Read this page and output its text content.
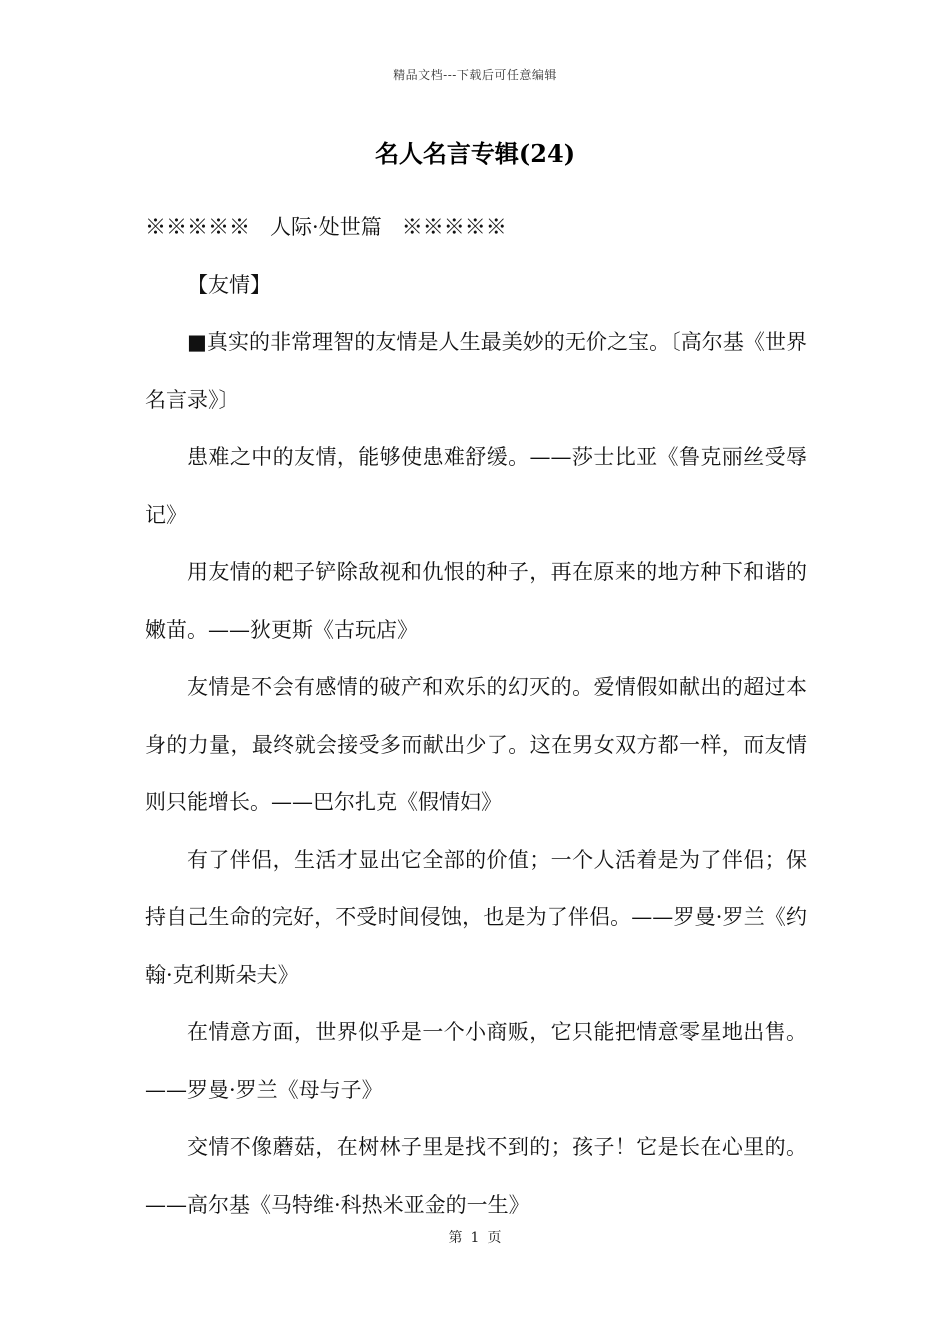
精品文档---下载后可任意编辑
名人名言专辑(24)

※※※※※   人际·处世篇   ※※※※※

【友情】

■真实的非常理智的友情是人生最美妙的无价之宝。〔高尔基《世界名言录》〕

患难之中的友情，能够使患难舒缓。——莎士比亚《鲁克丽丝受辱记》

用友情的耙子铲除敌视和仇恨的种子，再在原来的地方种下和谐的嫩苗。——狄更斯《古玩店》

友情是不会有感情的破产和欢乐的幻灭的。爱情假如献出的超过本身的力量，最终就会接受多而献出少了。这在男女双方都一样，而友情则只能增长。——巴尔扎克《假情妇》

有了伴侣，生活才显出它全部的价值；一个人活着是为了伴侣；保持自己生命的完好，不受时间侵蚀，也是为了伴侣。——罗曼·罗兰《约翰·克利斯朵夫》

在情意方面，世界似乎是一个小商贩，它只能把情意零星地出售。——罗曼·罗兰《母与子》

交情不像蘑菇，在树林子里是找不到的；孩子！它是长在心里的。——高尔基《马特维·科热米亚金的一生》

第 1 页
